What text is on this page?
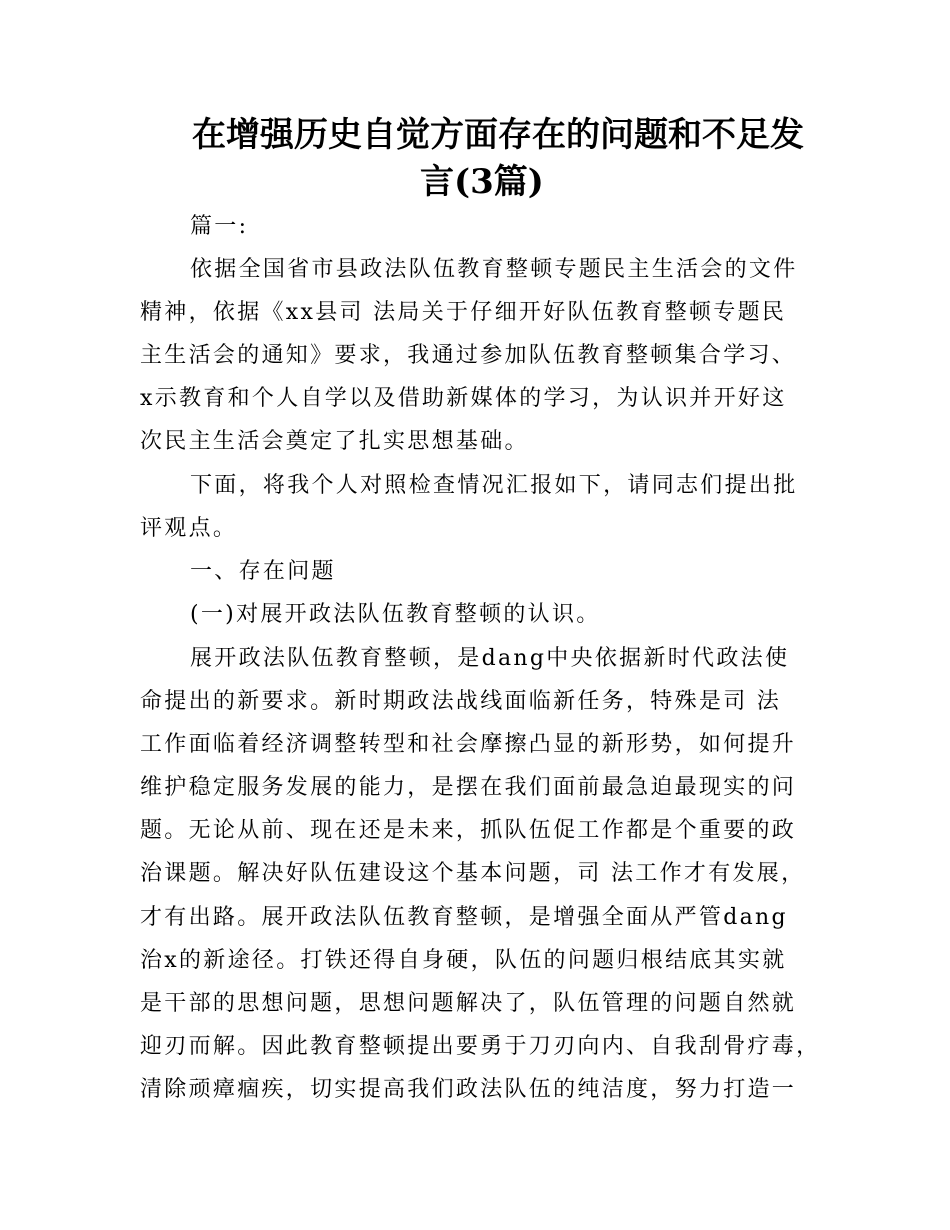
在增强历史自觉方面存在的问题和不足发
言(3篇)
篇一:
依据全国省市县政法队伍教育整顿专题民主生活会的文件
精神，依据《xx县司 法局关于仔细开好队伍教育整顿专题民
主生活会的通知》要求，我通过参加队伍教育整顿集合学习、
x示教育和个人自学以及借助新媒体的学习，为认识并开好这
次民主生活会奠定了扎实思想基础。
下面，将我个人对照检查情况汇报如下，请同志们提出批
评观点。
一、存在问题
(一)对展开政法队伍教育整顿的认识。
展开政法队伍教育整顿，是dang中央依据新时代政法使
命提出的新要求。新时期政法战线面临新任务，特殊是司 法
工作面临着经济调整转型和社会摩擦凸显的新形势，如何提升
维护稳定服务发展的能力，是摆在我们面前最急迫最现实的问
题。无论从前、现在还是未来，抓队伍促工作都是个重要的政
治课题。解决好队伍建设这个基本问题，司 法工作才有发展，
才有出路。展开政法队伍教育整顿，是增强全面从严管dang
治x的新途径。打铁还得自身硬，队伍的问题归根结底其实就
是干部的思想问题，思想问题解决了，队伍管理的问题自然就
迎刃而解。因此教育整顿提出要勇于刀刃向内、自我刮骨疗毒，
清除顽瘴痼疾，切实提高我们政法队伍的纯洁度，努力打造一
